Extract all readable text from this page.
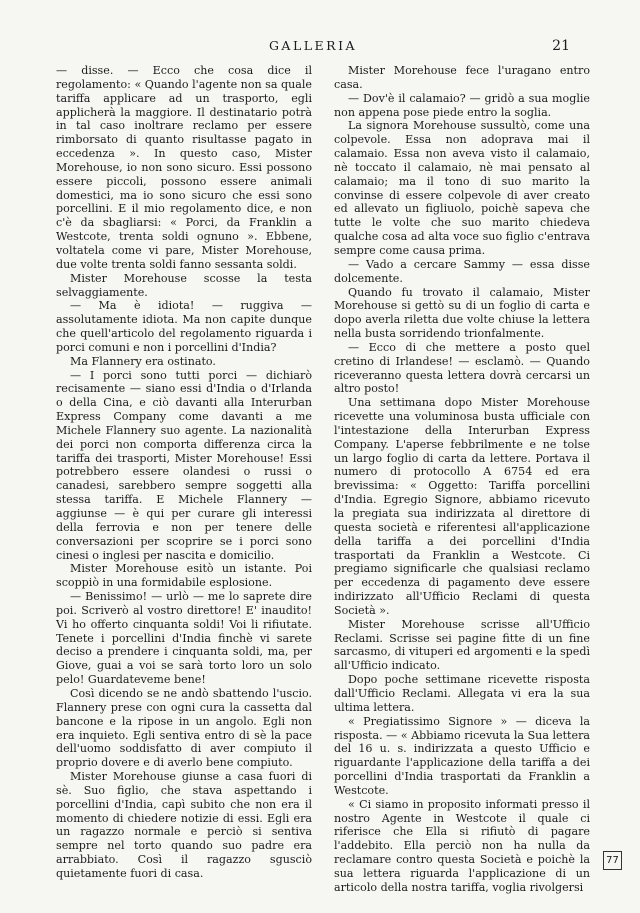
GALLERIA	21

— disse. — Ecco che cosa dice il regolamento: « Quando l'agente non sa quale tariffa applicare ad un trasporto, egli applicherà la maggiore. Il destinatario potrà in tal caso inoltrare reclamo per essere rimborsato di quanto risultasse pagato in eccedenza ». In questo caso, Mister Morehouse, io non sono sicuro. Essi possono essere piccoli, possono essere animali domestici, ma io sono sicuro che essi sono porcellini. E il mio regolamento dice, e non c'è da sbagliarsi: « Porci, da Franklin a Westcote, trenta soldi ognuno ». Ebbene, voltatela come vi pare, Mister Morehouse, due volte trenta soldi fanno sessanta soldi.

Mister Morehouse scosse la testa selvaggiamente.

— Ma è idiota! — ruggiva — assolutamente idiota. Ma non capite dunque che quell'articolo del regolamento riguarda i porci comuni e non i porcellini d'India?

Ma Flannery era ostinato.

— I porci sono tutti porci — dichiarò recisamente — siano essi d'India o d'Irlanda o della Cina, e ciò davanti alla Interurban Express Company come davanti a me Michele Flannery suo agente. La nazionalità dei porci non comporta differenza circa la tariffa dei trasporti, Mister Morehouse! Essi potrebbero essere olandesi o russi o canadesi, sarebbero sempre soggetti alla stessa tariffa. E Michele Flannery — aggiunse — è qui per curare gli interessi della ferrovia e non per tenere delle conversazioni per scoprire se i porci sono cinesi o inglesi per nascita e domicilio.

Mister Morehouse esitò un istante. Poi scoppiò in una formidabile esplosione.

— Benissimo! — urlò — me lo saprete dire poi. Scriverò al vostro direttore! E' inaudito! Vi ho offerto cinquanta soldi! Voi li rifiutate. Tenete i porcellini d'India finchè vi sarete deciso a prendere i cinquanta soldi, ma, per Giove, guai a voi se sarà torto loro un solo pelo! Guardateveme bene!

Così dicendo se ne andò sbattendo l'uscio. Flannery prese con ogni cura la cassetta dal bancone e la ripose in un angolo. Egli non era inquieto. Egli sentiva entro di sè la pace dell'uomo soddisfatto di aver compiuto il proprio dovere e di averlo bene compiuto.

Mister Morehouse giunse a casa fuori di sè. Suo figlio, che stava aspettando i porcellini d'India, capì subito che non era il momento di chiedere notizie di essi. Egli era un ragazzo normale e perciò si sentiva sempre nel torto quando suo padre era arrabbiato. Così il ragazzo sgusciò quietamente fuori di casa.

Mister Morehouse fece l'uragano entro casa.

— Dov'è il calamaio? — gridò a sua moglie non appena pose piede entro la soglia.

La signora Morehouse sussultò, come una colpevole. Essa non adoprava mai il calamaio. Essa non aveva visto il calamaio, nè toccato il calamaio, nè mai pensato al calamaio; ma il tono di suo marito la convinse di essere colpevole di aver creato ed allevato un figliuolo, poichè sapeva che tutte le volte che suo marito chiedeva qualche cosa ad alta voce suo figlio c'entrava sempre come causa prima.

— Vado a cercare Sammy — essa disse dolcemente.

Quando fu trovato il calamaio, Mister Morehouse si gettò su di un foglio di carta e dopo averla riletta due volte chiuse la lettera nella busta sorridendo trionfalmente.

— Ecco di che mettere a posto quel cretino di Irlandese! — esclamò. — Quando riceveranno questa lettera dovrà cercarsi un altro posto!

Una settimana dopo Mister Morehouse ricevette una voluminosa busta ufficiale con l'intestazione della Interurban Express Company. L'aperse febbrilmente e ne tolse un largo foglio di carta da lettere. Portava il numero di protocollo A 6754 ed era brevissima: « Oggetto: Tariffa porcellini d'India. Egregio Signore, abbiamo ricevuto la pregiata sua indirizzata al direttore di questa società e riferentesi all'applicazione della tariffa a dei porcellini d'India trasportati da Franklin a Westcote. Ci pregiamo significarle che qualsiasi reclamo per eccedenza di pagamento deve essere indirizzato all'Ufficio Reclami di questa Società ».

Mister Morehouse scrisse all'Ufficio Reclami. Scrisse sei pagine fitte di un fine sarcasmo, di vituperi ed argomenti e la spedì all'Ufficio indicato.

Dopo poche settimane ricevette risposta dall'Ufficio Reclami. Allegata vi era la sua ultima lettera.

« Pregiatissimo Signore » — diceva la risposta. — « Abbiamo ricevuta la Sua lettera del 16 u. s. indirizzata a questo Ufficio e riguardante l'applicazione della tariffa a dei porcellini d'India trasportati da Franklin a Westcote.

« Ci siamo in proposito informati presso il nostro Agente in Westcote il quale ci riferisce che Ella si rifiutò di pagare l'addebito. Ella perciò non ha nulla da reclamare contro questa Società e poichè la sua lettera riguarda l'applicazione di un articolo della nostra tariffa, voglia rivolgersi

77
